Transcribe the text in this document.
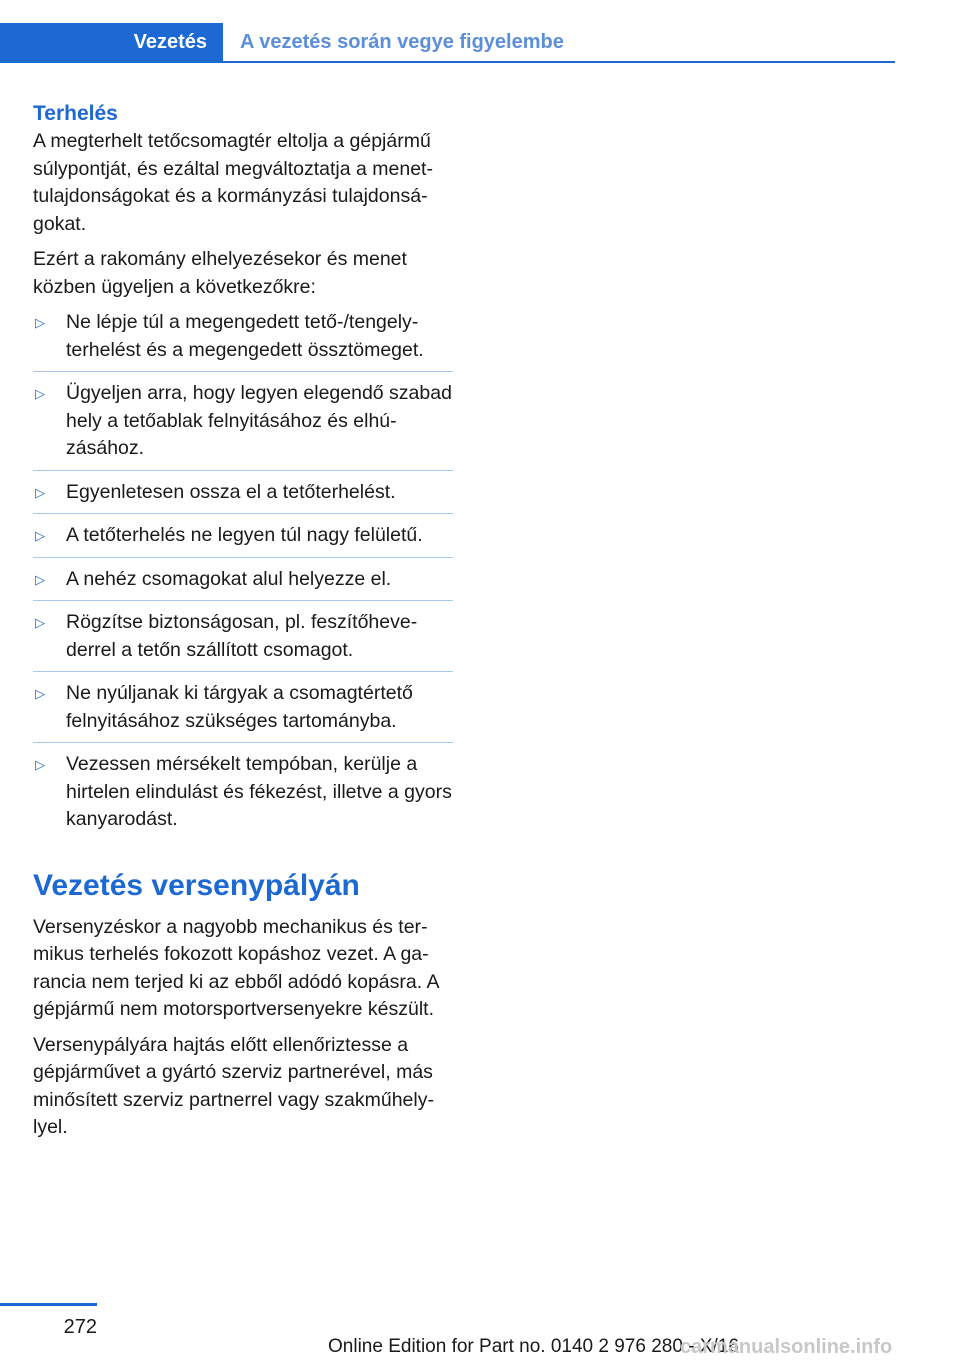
Vezetés A vezetés során vegye figyelembe
Terhelés

A megterhelt tetőcsomagtér eltolja a gépjármű súlypontját, és ezáltal megváltoztatja a menettulajdonságokat és a kormányzási tulajdonságokat.

Ezért a rakomány elhelyezésekor és menet közben ügyeljen a következőkre:

▷ Ne lépje túl a megengedett tető-/tengelyterhelést és a megengedett össztömeget.
▷ Ügyeljen arra, hogy legyen elegendő szabad hely a tetőablak felnyitásához és elhúzásához.
▷ Egyenletesen ossza el a tetőterhelést.
▷ A tetőterhelés ne legyen túl nagy felületű.
▷ A nehéz csomagokat alul helyezze el.
▷ Rögzítse biztonságosan, pl. feszítőhevederrel a tetőn szállított csomagot.
▷ Ne nyúljanak ki tárgyak a csomagtértető felnyitásához szükséges tartományba.
▷ Vezessen mérsékelt tempóban, kerülje a hirtelen elindulást és fékezést, illetve a gyors kanyarodást.
Vezetés versenypályán

Versenyzéskor a nagyobb mechanikus és termikus terhelés fokozott kopáshoz vezet. A garancia nem terjed ki az ebből adódó kopásra. A gépjármű nem motorsportversenyekre készült.

Versenypályára hajtás előtt ellenőriztesse a gépjárművet a gyártó szerviz partnerével, más minősített szerviz partnerrel vagy szakműhelylyel.

272
Online Edition for Part no. 0140 2 976 280 - X/16
carmanualsonline.info
